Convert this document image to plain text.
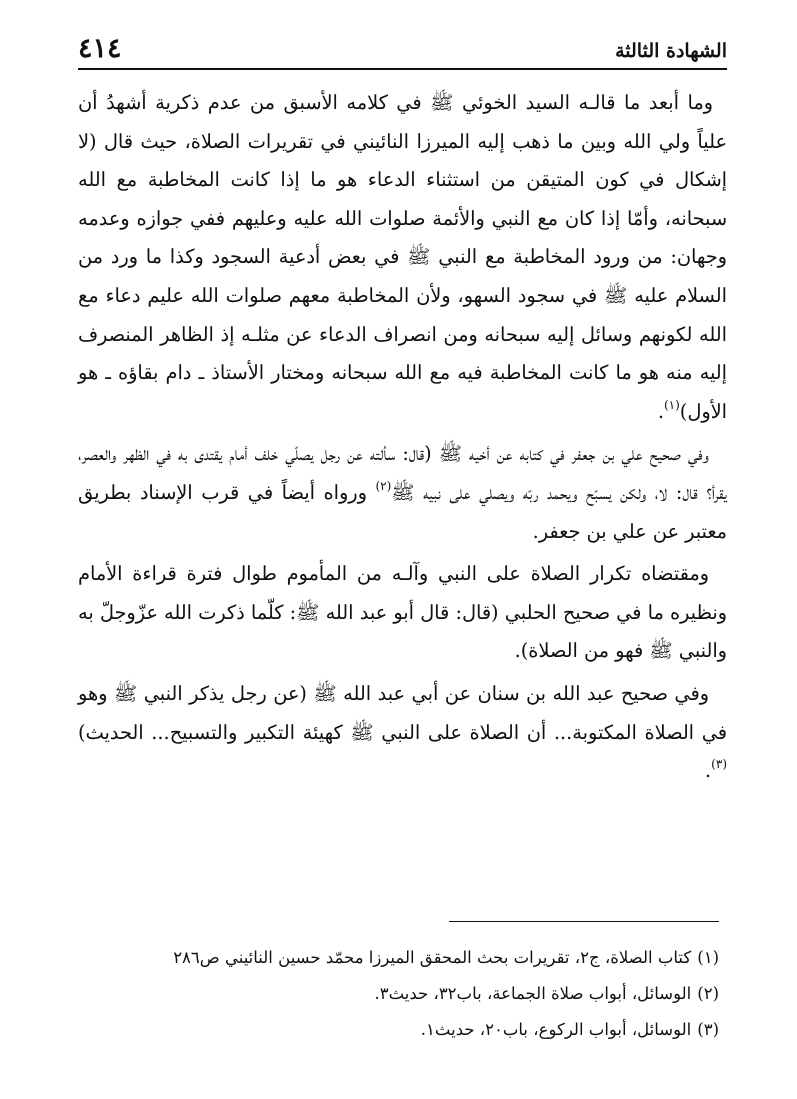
الشهادة الثالثة
٤١٤

وما أبعد ما قالـه السيد الخوئي ﷺ في كلامه الأسبق من عدم ذكرية أشهدُ أن علياً ولي الله وبين ما ذهب إليه الميرزا النائيني في تقريرات الصلاة، حيث قال (لا إشكال في كون المتيقن من استثناء الدعاء هو ما إذا كانت المخاطبة مع الله سبحانه، وأمّا إذا كان مع النبي والأئمة صلوات الله عليه وعليهم ففي جوازه وعدمه وجهان: من ورود المخاطبة مع النبي ﷺ في بعض أدعية السجود وكذا ما ورد من السلام عليه ﷺ في سجود السهو، ولأن المخاطبة معهم صلوات الله عليم دعاء مع الله لكونهم وسائل إليه سبحانه ومن انصراف الدعاء عن مثلـه إذ الظاهر المنصرف إليه منه هو ما كانت المخاطبة فيه مع الله سبحانه ومختار الأستاذ ـ دام بقاؤه ـ هو الأول)$^{(١)}$.

وفي صحيح علي بن جعفر في كتابه عن أخيه ﷺ (قال: سألته عن رجل يصلّي خلف أمام يقتدى به في الظهر والعصر، يقرأ؟ قال: لا، ولكن يسبّح ويحمد ربّه ويصلي على نبيه ﷺ$^{(٢)}$ ورواه أيضاً في قرب الإسناد بطريق معتبر عن علي بن جعفر.

ومقتضاه تكرار الصلاة على النبي وآلـه من المأموم طوال فترة قراءة الأمام ونظيره ما في صحيح الحلبي (قال: قال أبو عبد الله ﷺ: كلّما ذكرت الله عزّوجلّ به والنبي ﷺ فهو من الصلاة).

وفي صحيح عبد الله بن سنان عن أبي عبد الله ﷺ (عن رجل يذكر النبي ﷺ وهو في الصلاة المكتوبة... أن الصلاة على النبي ﷺ كهيئة التكبير والتسبيح... الحديث)$^{(٣)}$.

(١)
كتاب الصلاة، ج٢، تقريرات بحث المحقق الميرزا محمّد حسين النائيني ص٢٨٦
(٢)
الوسائل، أبواب صلاة الجماعة، باب٣٢، حديث٣.
(٣)
الوسائل، أبواب الركوع، باب٢٠، حديث١.
